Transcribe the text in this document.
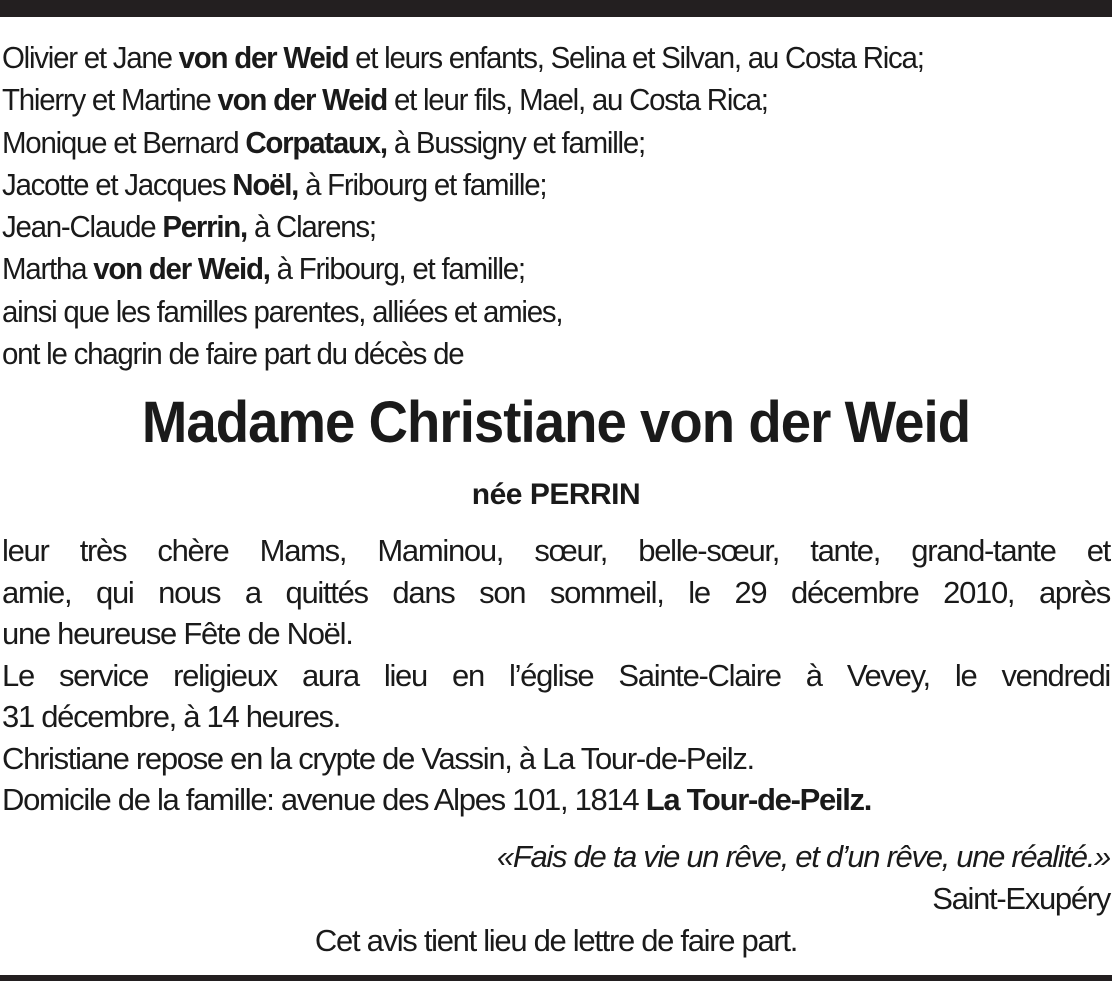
Olivier et Jane von der Weid et leurs enfants, Selina et Silvan, au Costa Rica;
Thierry et Martine von der Weid et leur fils, Mael, au Costa Rica;
Monique et Bernard Corpataux, à Bussigny et famille;
Jacotte et Jacques Noël, à Fribourg et famille;
Jean-Claude Perrin, à Clarens;
Martha von der Weid, à Fribourg, et famille;
ainsi que les familles parentes, alliées et amies,
ont le chagrin de faire part du décès de
Madame Christiane von der Weid
née PERRIN
leur très chère Mams, Maminou, sœur, belle-sœur, tante, grand-tante et
amie, qui nous a quittés dans son sommeil, le 29 décembre 2010, après
une heureuse Fête de Noël.
Le service religieux aura lieu en l’église Sainte-Claire à Vevey, le vendredi
31 décembre, à 14 heures.
Christiane repose en la crypte de Vassin, à La Tour-de-Peilz.
Domicile de la famille: avenue des Alpes 101, 1814 La Tour-de-Peilz.
«Fais de ta vie un rêve, et d’un rêve, une réalité.»
Saint-Exupéry
Cet avis tient lieu de lettre de faire part.
